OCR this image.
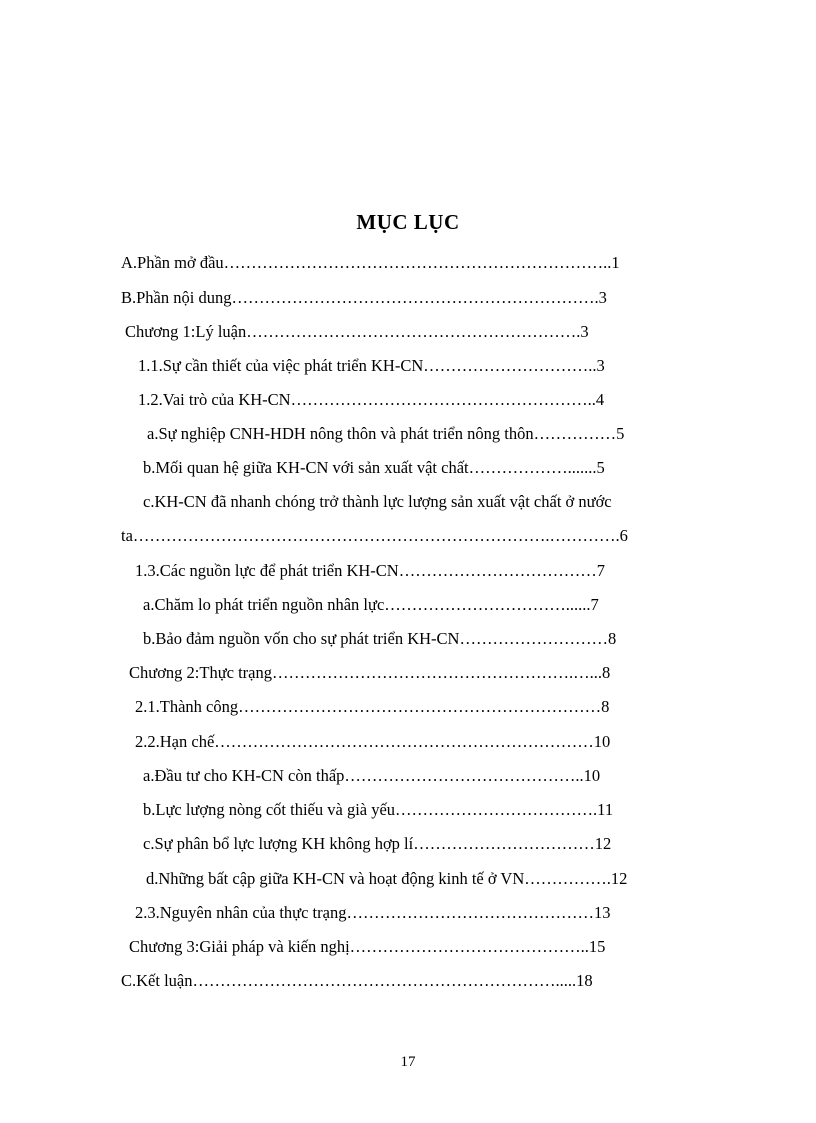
MỤC LỤC
A.Phần mở đầu……………………………………………………………..1
B.Phần nội dung………………………………………………………….3
Chương 1:Lý luận…………………………………………………….3
1.1.Sự cần thiết của việc phát triển KH-CN…………………………..3
1.2.Vai trò của KH-CN………………………………………………..4
a.Sự nghiệp CNH-HDH nông thôn và phát triển nông thôn……………5
b.Mối quan hệ giữa KH-CN với sản xuất vật chất……………….......5
c.KH-CN đã nhanh chóng trở thành lực lượng sản xuất vật chất ở nước
ta………………………………………………………………….………….6
1.3.Các nguồn lực để phát triển KH-CN………………………………7
a.Chăm lo phát triển nguồn nhân lực……………………………......7
b.Bảo đảm nguồn vốn cho sự phát triển KH-CN………………………8
Chương 2:Thực trạng……………………………………………….…...8
2.1.Thành công…………………………………………………………8
2.2.Hạn chế……………………………………………………………10
a.Đầu tư cho KH-CN còn thấp……………………………………..10
b.Lực lượng nòng cốt thiếu và già yếu……………………………….11
c.Sự phân bổ lực lượng KH không hợp lí……………………………12
d.Những bất cập giữa KH-CN và hoạt động kinh tế ở VN…………….12
2.3.Nguyên nhân của thực trạng………………………………………13
Chương 3:Giải pháp và kiến nghị……………………………………..15
C.Kết luận………………………………………………………….....18
17
